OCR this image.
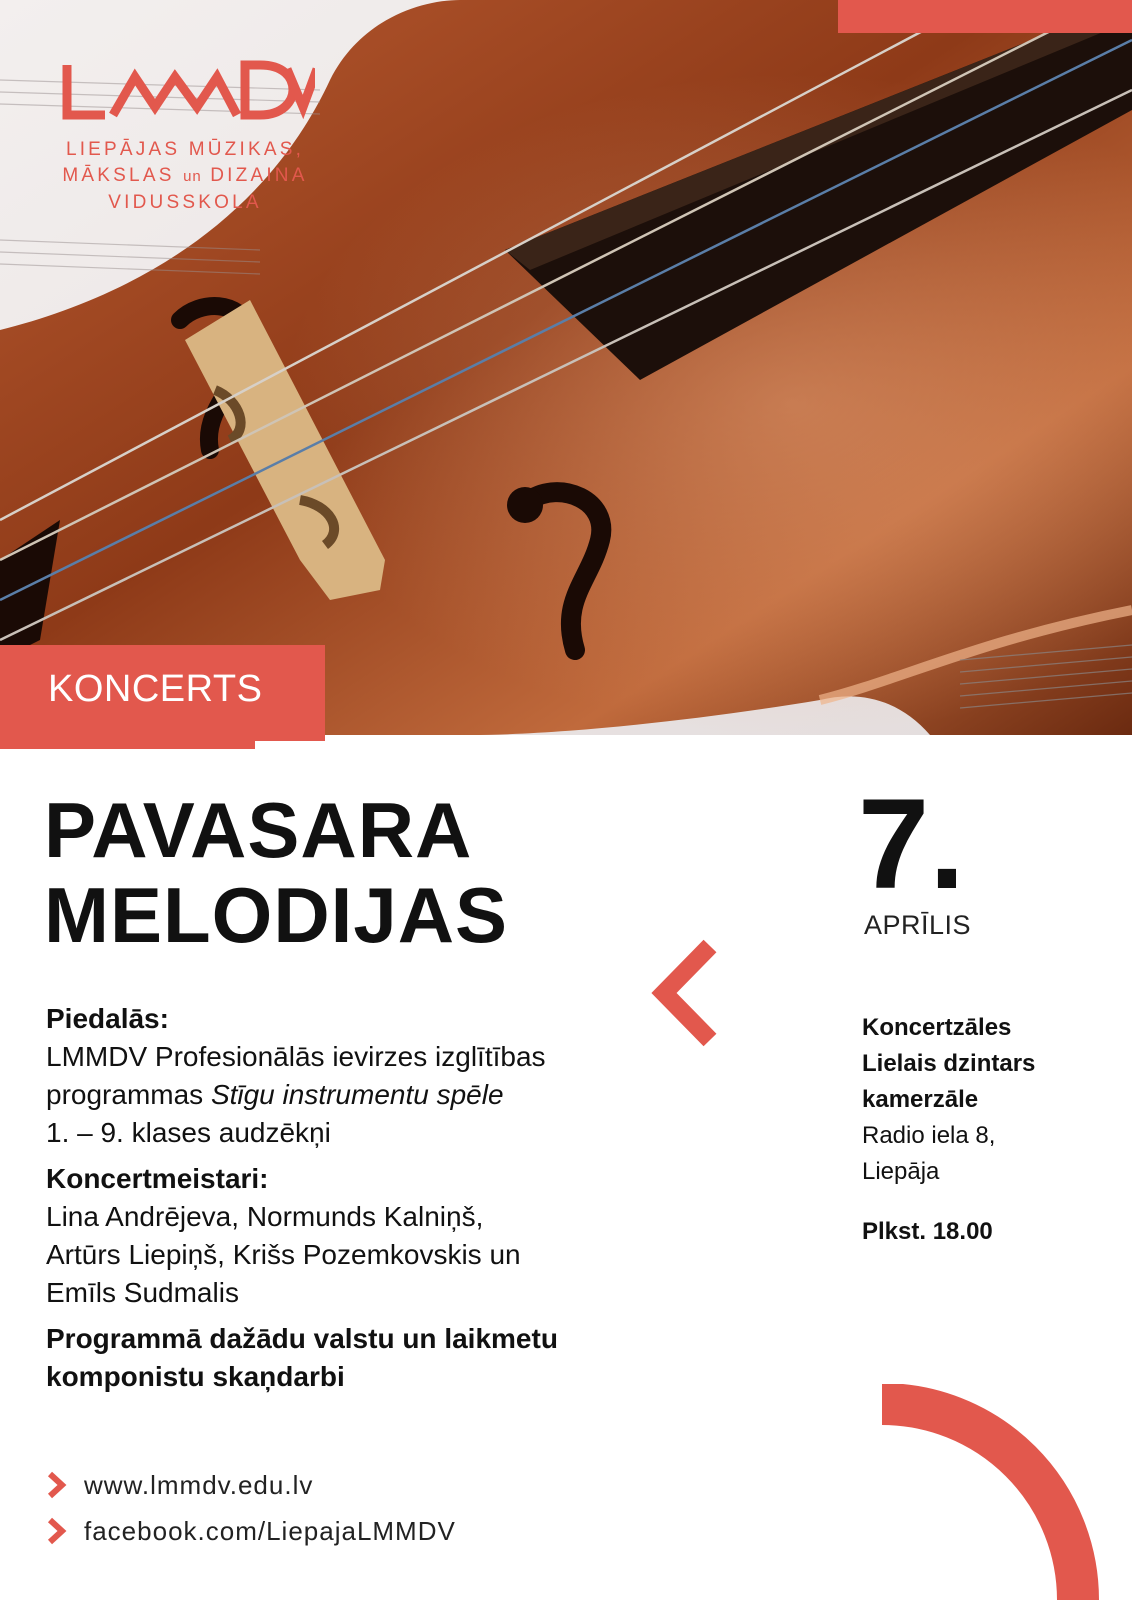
LIEPĀJAS MŪZIKAS,
MĀKSLAS un DIZAINA
VIDUSSKOLA
KONCERTS
PAVASARA
MELODIJAS	7.
APRĪLIS
Koncertzāles
Lielais dzintars
kamerzāle
Radio iela 8,
Liepāja
Plkst. 18.00
Piedalās:
LMMDV Profesionālās ievirzes izglītības
programmas Stīgu instrumentu spēle
1. – 9. klases audzēkņi
Koncertmeistari:
Lina Andrējeva, Normunds Kalniņš,
Artūrs Liepiņš, Krišs Pozemkovskis un
Emīls Sudmalis
Programmā dažādu valstu un laikmetu
komponistu skaņdarbi
www.lmmdv.edu.lv
facebook.com/LiepajaLMMDV
